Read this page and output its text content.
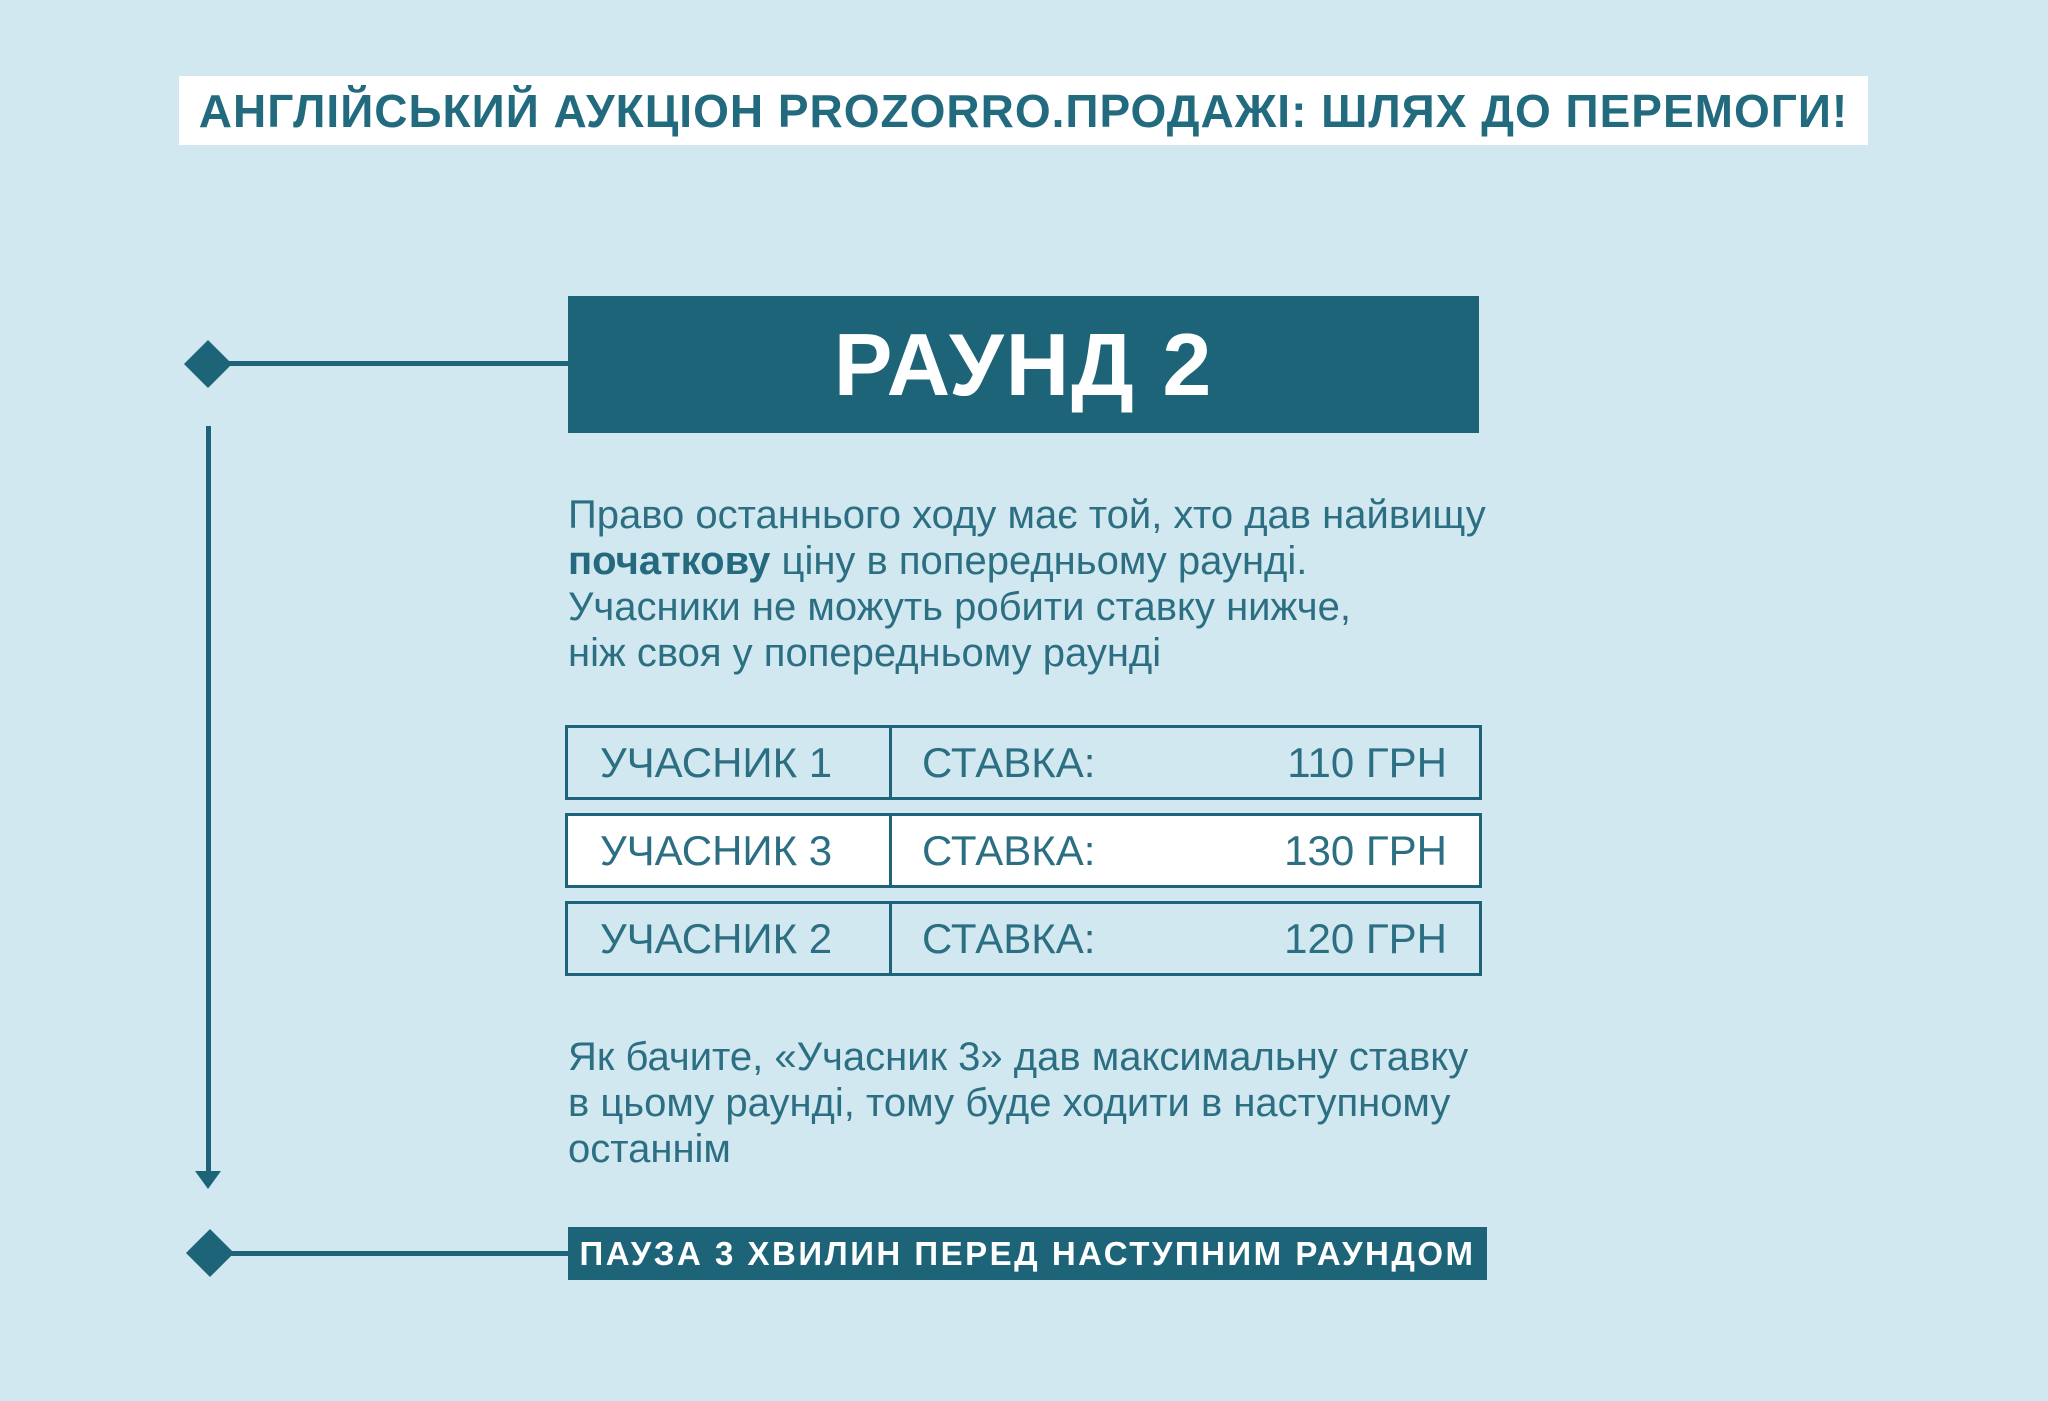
АНГЛІЙСЬКИЙ АУКЦІОН PROZORRO.ПРОДАЖІ: ШЛЯХ ДО ПЕРЕМОГИ!
РАУНД 2
Право останнього ходу має той, хто дав найвищу
початкову ціну в попередньому раунді.
Учасники не можуть робити ставку нижче,
ніж своя у попередньому раунді
УЧАСНИК 1	СТАВКА:	110 ГРН
УЧАСНИК 3	СТАВКА:	130 ГРН
УЧАСНИК 2	СТАВКА:	120 ГРН
Як бачите, «Учасник 3» дав максимальну ставку
в цьому раунді, тому буде ходити в наступному
останнім
ПАУЗА 3 ХВИЛИН ПЕРЕД НАСТУПНИМ РАУНДОМ
